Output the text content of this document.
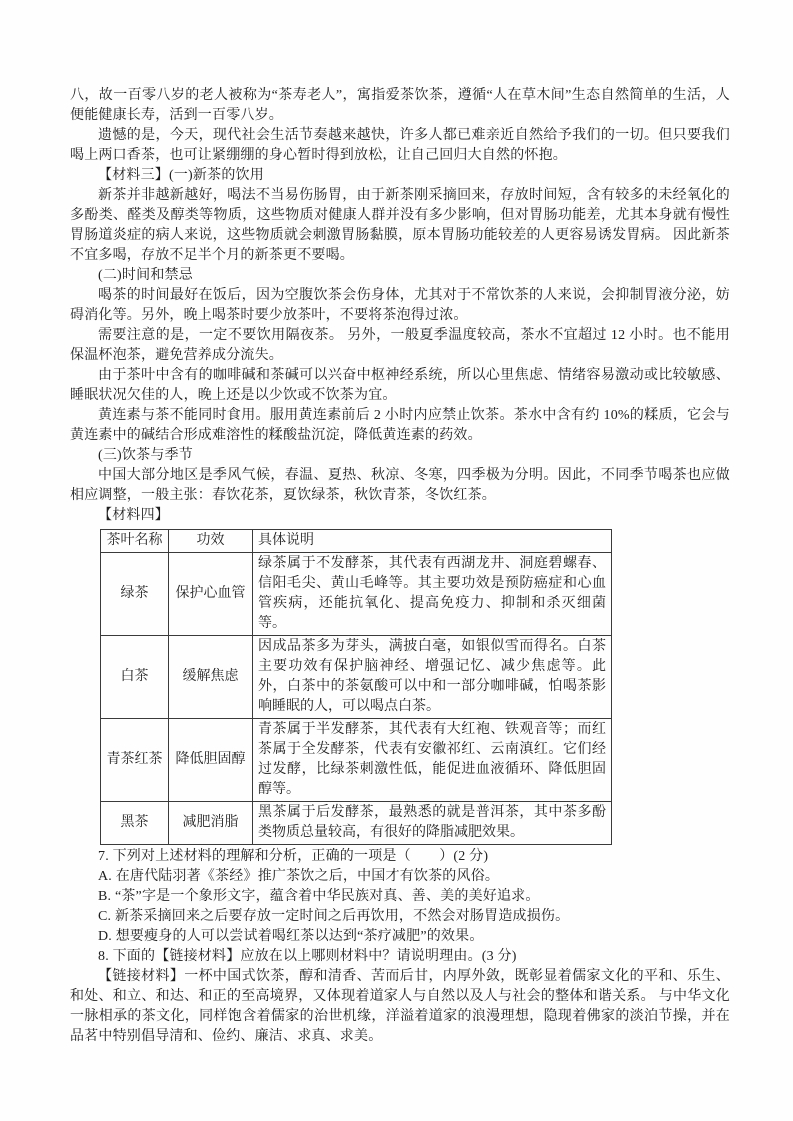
八，故一百零八岁的老人被称为“茶寿老人”，寓指爱茶饮茶，遵循“人在草木间”生态自然简单的生活，人便能健康长寿，活到一百零八岁。

遗憾的是，今天，现代社会生活节奏越来越快，许多人都已难亲近自然给予我们的一切。但只要我们喝上两口香茶，也可让紧绷绷的身心暂时得到放松，让自己回归大自然的怀抱。

【材料三】(一)新茶的饮用

新茶并非越新越好，喝法不当易伤肠胃，由于新茶刚采摘回来，存放时间短，含有较多的未经氧化的多酚类、醛类及醇类等物质，这些物质对健康人群并没有多少影响，但对胃肠功能差，尤其本身就有慢性胃肠道炎症的病人来说，这些物质就会刺激胃肠黏膜，原本胃肠功能较差的人更容易诱发胃病。 因此新茶不宜多喝，存放不足半个月的新茶更不要喝。

(二)时间和禁忌

喝茶的时间最好在饭后，因为空腹饮茶会伤身体，尤其对于不常饮茶的人来说，会抑制胃液分泌，妨碍消化等。另外，晚上喝茶时要少放茶叶，不要将茶泡得过浓。

需要注意的是，一定不要饮用隔夜茶。 另外，一般夏季温度较高，茶水不宜超过 12 小时。也不能用保温杯泡茶，避免营养成分流失。

由于茶叶中含有的咖啡碱和茶碱可以兴奋中枢神经系统，所以心里焦虑、情绪容易激动或比较敏感、睡眠状况欠佳的人，晚上还是以少饮或不饮茶为宜。

黄连素与茶不能同时食用。服用黄连素前后 2 小时内应禁止饮茶。茶水中含有约 10%的糅质，它会与黄连素中的碱结合形成难溶性的糅酸盐沉淀，降低黄连素的药效。

(三)饮茶与季节

中国大部分地区是季风气候，春温、夏热、秋凉、冬寒，四季极为分明。因此，不同季节喝茶也应做相应调整，一般主张：春饮花茶，夏饮绿茶，秋饮青茶，冬饮红茶。

【材料四】

茶叶名称	功效	具体说明
绿茶	保护心血管	绿茶属于不发酵茶，其代表有西湖龙井、洞庭碧螺春、信阳毛尖、黄山毛峰等。其主要功效是预防癌症和心血管疾病，还能抗氧化、提高免疫力、抑制和杀灭细菌等。
白茶	缓解焦虑	因成品茶多为芽头，满披白毫，如银似雪而得名。白茶主要功效有保护脑神经、增强记忆、减少焦虑等。此外，白茶中的茶氨酸可以中和一部分咖啡碱，怕喝茶影响睡眠的人，可以喝点白茶。
青茶红茶	降低胆固醇	青茶属于半发酵茶，其代表有大红袍、铁观音等；而红茶属于全发酵茶，代表有安徽祁红、云南滇红。它们经过发酵，比绿茶刺激性低，能促进血液循环、降低胆固醇等。
黑茶	减肥消脂	黑茶属于后发酵茶，最熟悉的就是普洱茶，其中茶多酚类物质总量较高，有很好的降脂减肥效果。

7. 下列对上述材料的理解和分析，正确的一项是（　　）(2 分)

A. 在唐代陆羽著《茶经》推广茶饮之后，中国才有饮茶的风俗。

B. “茶”字是一个象形文字，蕴含着中华民族对真、善、美的美好追求。

C. 新茶采摘回来之后要存放一定时间之后再饮用，不然会对肠胃造成损伤。

D. 想要瘦身的人可以尝试着喝红茶以达到“茶疗减肥”的效果。

8. 下面的【链接材料】应放在以上哪则材料中？请说明理由。(3 分)

【链接材料】一杯中国式饮茶，醇和清香、苦而后甘，内厚外敛，既彰显着儒家文化的平和、乐生、和处、和立、和达、和正的至高境界，又体现着道家人与自然以及人与社会的整体和谐关系。 与中华文化一脉相承的茶文化，同样饱含着儒家的治世机缘，洋溢着道家的浪漫理想，隐现着佛家的淡泊节操，并在品茗中特别倡导清和、俭约、廉洁、求真、求美。
